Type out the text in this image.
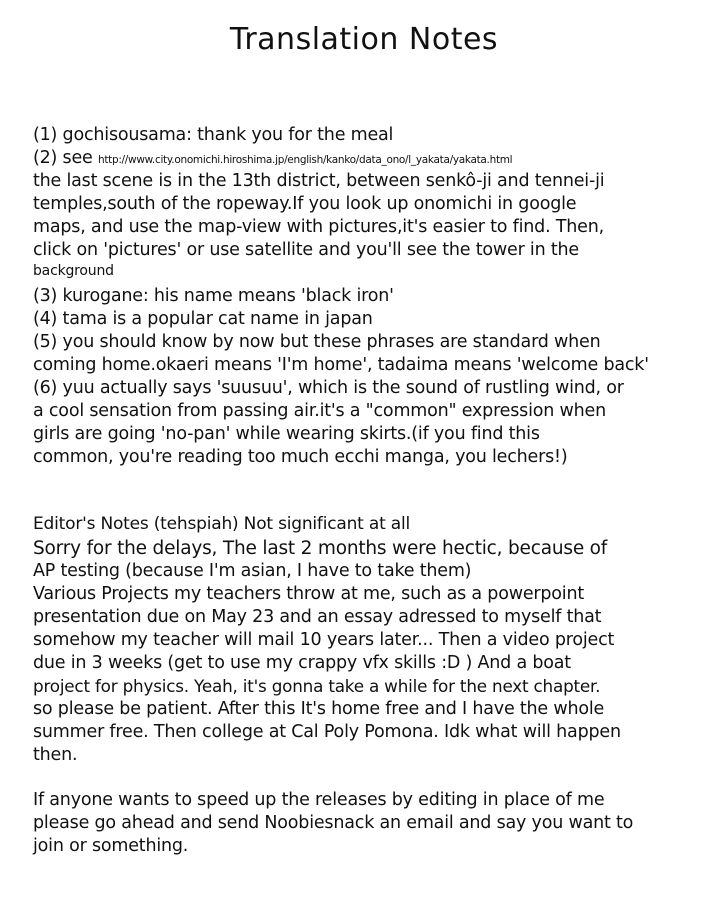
Translation Notes
(1) gochisousama: thank you for the meal
(2) see http://www.city.onomichi.hiroshima.jp/english/kanko/data_ono/l_yakata/yakata.html
the last scene is in the 13th district, between senkô-ji and tennei-ji
temples,south of the ropeway.If you look up onomichi in google
maps, and use the map-view with pictures,it's easier to find. Then,
click on 'pictures' or use satellite and you'll see the tower in the
background
(3) kurogane: his name means 'black iron'
(4) tama is a popular cat name in japan
(5) you should know by now but these phrases are standard when
coming home.okaeri means 'I'm home', tadaima means 'welcome back'
(6) yuu actually says 'suusuu', which is the sound of rustling wind, or
a cool sensation from passing air.it's a "common" expression when
girls are going 'no-pan' while wearing skirts.(if you find this
common, you're reading too much ecchi manga, you lechers!)
Editor's Notes (tehspiah) Not significant at all
Sorry for the delays, The last 2 months were hectic, because of
AP testing (because I'm asian, I have to take them)
Various Projects my teachers throw at me, such as a powerpoint
presentation due on May 23 and an essay adressed to myself that
somehow my teacher will mail 10 years later... Then a video project
due in 3 weeks (get to use my crappy vfx skills :D ) And a boat
project for physics. Yeah, it's gonna take a while for the next chapter.
so please be patient. After this It's home free and I have the whole
summer free. Then college at Cal Poly Pomona. Idk what will happen
then.
If anyone wants to speed up the releases by editing in place of me
please go ahead and send Noobiesnack an email and say you want to
join or something.
